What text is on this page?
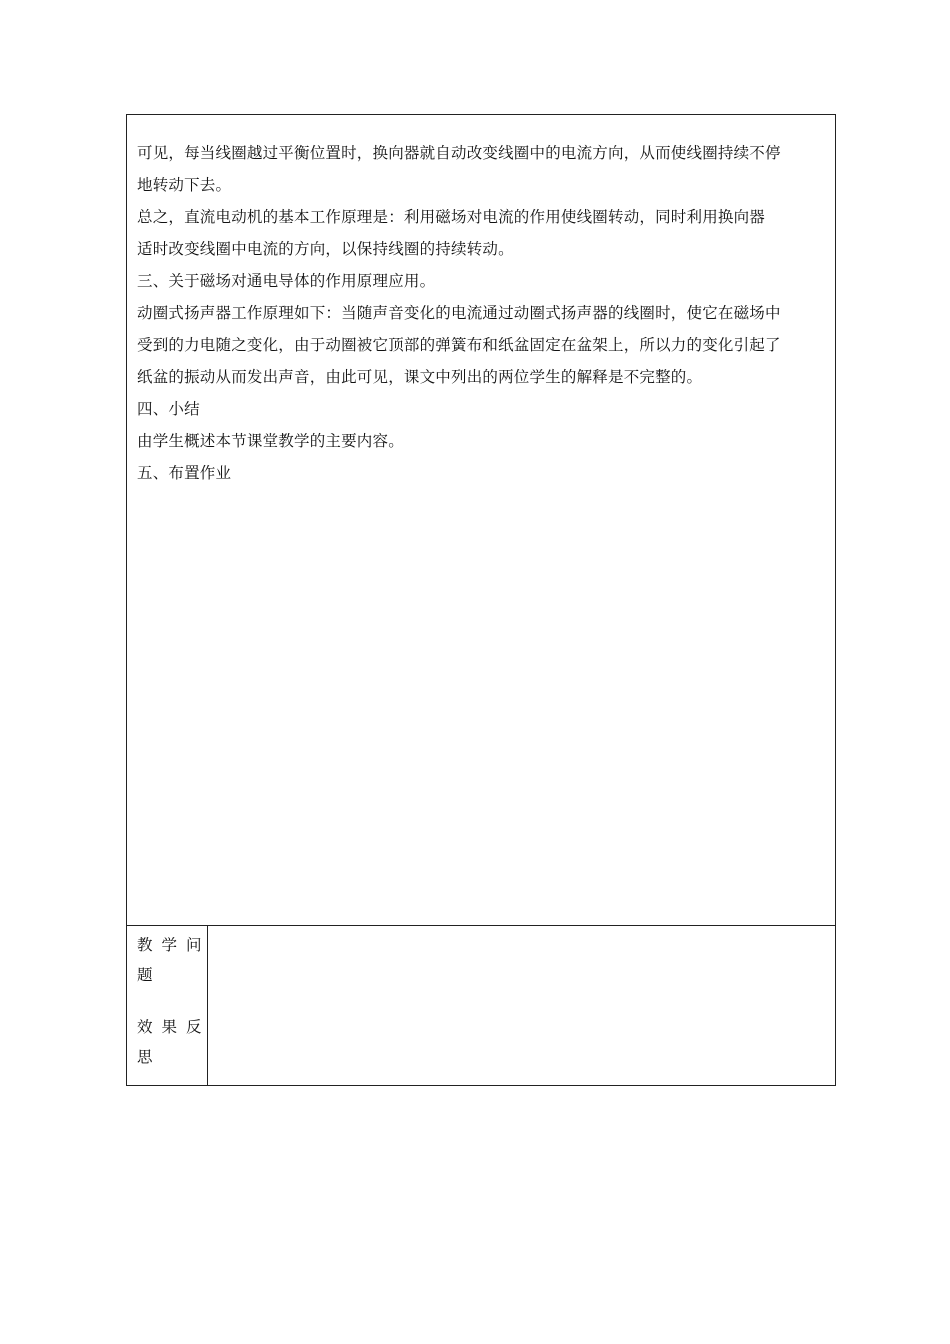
可见，每当线圈越过平衡位置时，换向器就自动改变线圈中的电流方向，从而使线圈持续不停
地转动下去。
总之，直流电动机的基本工作原理是：利用磁场对电流的作用使线圈转动，同时利用换向器
适时改变线圈中电流的方向，以保持线圈的持续转动。
三、关于磁场对通电导体的作用原理应用。
动圈式扬声器工作原理如下：当随声音变化的电流通过动圈式扬声器的线圈时，使它在磁场中
受到的力电随之变化，由于动圈被它顶部的弹簧布和纸盆固定在盆架上，所以力的变化引起了
纸盆的振动从而发出声音，由此可见，课文中列出的两位学生的解释是不完整的。
四、小结
由学生概述本节课堂教学的主要内容。
五、布置作业
教学问
题
效果反
思
